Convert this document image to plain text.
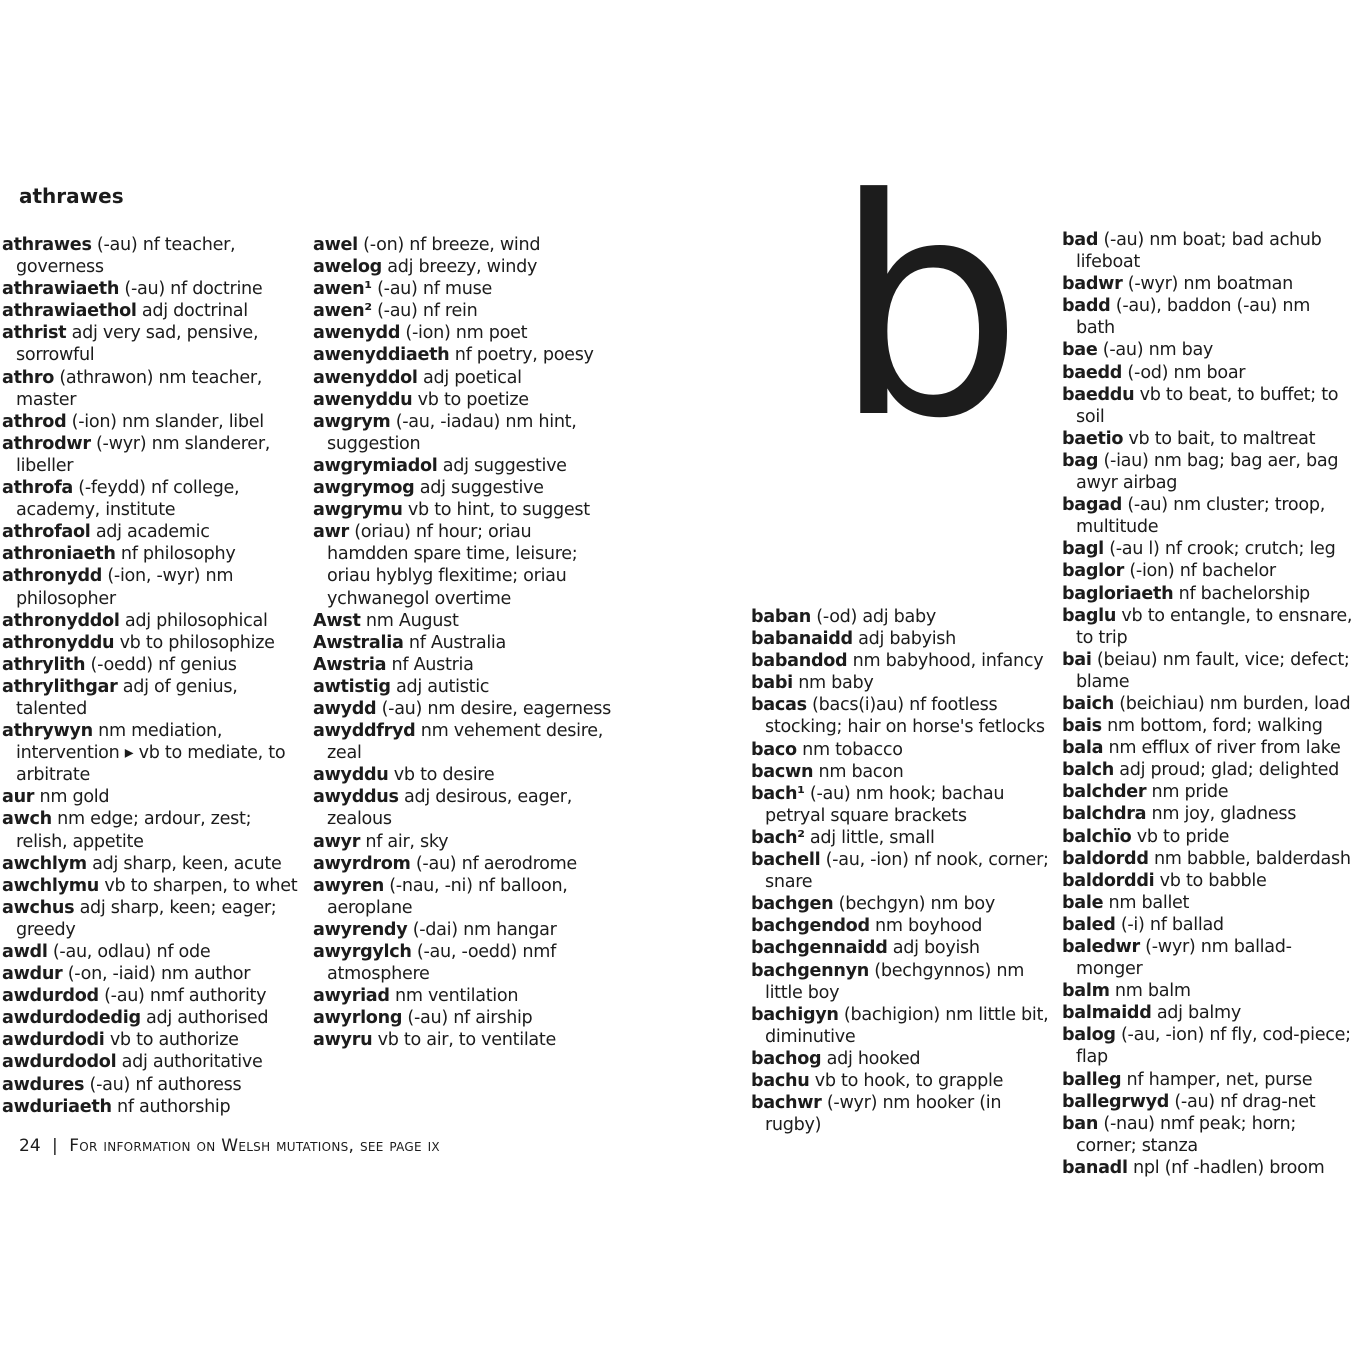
athrawes
athrawes (-au) nf teacher, governess
athrawiaeth (-au) nf doctrine
athrawiaethol adj doctrinal
athrist adj very sad, pensive, sorrowful
athro (athrawon) nm teacher, master
athrod (-ion) nm slander, libel
athrodwr (-wyr) nm slanderer, libeller
athrofa (-feydd) nf college, academy, institute
athrofaol adj academic
athroniaeth nf philosophy
athronydd (-ion, -wyr) nm philosopher
athronyddol adj philosophical
athronyddu vb to philosophize
athrylith (-oedd) nf genius
athrylithgar adj of genius, talented
athrywyn nm mediation, intervention ▸ vb to mediate, to arbitrate
aur nm gold
awch nm edge; ardour, zest; relish, appetite
awchlym adj sharp, keen, acute
awchlymu vb to sharpen, to whet
awchus adj sharp, keen; eager; greedy
awdl (-au, odlau) nf ode
awdur (-on, -iaid) nm author
awdurdod (-au) nmf authority
awdurdodedig adj authorised
awdurdodi vb to authorize
awdurdodol adj authoritative
awdures (-au) nf authoress
awduriaeth nf authorship
awel (-on) nf breeze, wind
awelog adj breezy, windy
awen¹ (-au) nf muse
awen² (-au) nf rein
awenydd (-ion) nm poet
awenyddiaeth nf poetry, poesy
awenyddol adj poetical
awenyddu vb to poetize
awgrym (-au, -iadau) nm hint, suggestion
awgrymiadol adj suggestive
awgrymog adj suggestive
awgrymu vb to hint, to suggest
awr (oriau) nf hour; oriau hamdden spare time, leisure; oriau hyblyg flexitime; oriau ychwanegol overtime
Awst nm August
Awstralia nf Australia
Awstria nf Austria
awtistig adj autistic
awydd (-au) nm desire, eagerness
awyddfryd nm vehement desire, zeal
awyddu vb to desire
awyddus adj desirous, eager, zealous
awyr nf air, sky
awyrdrom (-au) nf aerodrome
awyren (-nau, -ni) nf balloon, aeroplane
awyrendy (-dai) nm hangar
awyrgylch (-au, -oedd) nmf atmosphere
awyriad nm ventilation
awyrlong (-au) nf airship
awyru vb to air, to ventilate
baban (-od) adj baby
babanaidd adj babyish
babandod nm babyhood, infancy
babi nm baby
bacas (bacs(i)au) nf footless stocking; hair on horse's fetlocks
baco nm tobacco
bacwn nm bacon
bach¹ (-au) nm hook; bachau petryal square brackets
bach² adj little, small
bachell (-au, -ion) nf nook, corner; snare
bachgen (bechgyn) nm boy
bachgendod nm boyhood
bachgennaidd adj boyish
bachgennyn (bechgynnos) nm little boy
bachigyn (bachigion) nm little bit, diminutive
bachog adj hooked
bachu vb to hook, to grapple
bachwr (-wyr) nm hooker (in rugby)
bad (-au) nm boat; bad achub lifeboat
badwr (-wyr) nm boatman
badd (-au), baddon (-au) nm bath
bae (-au) nm bay
baedd (-od) nm boar
baeddu vb to beat, to buffet; to soil
baetio vb to bait, to maltreat
bag (-iau) nm bag; bag aer, bag awyr airbag
bagad (-au) nm cluster; troop, multitude
bagl (-au l) nf crook; crutch; leg
baglor (-ion) nf bachelor
bagloriaeth nf bachelorship
baglu vb to entangle, to ensnare, to trip
bai (beiau) nm fault, vice; defect; blame
baich (beichiau) nm burden, load
bais nm bottom, ford; walking
bala nm efflux of river from lake
balch adj proud; glad; delighted
balchder nm pride
balchdra nm joy, gladness
balchïo vb to pride
baldordd nm babble, balderdash
baldorddi vb to babble
bale nm ballet
baled (-i) nf ballad
baledwr (-wyr) nm ballad-monger
balm nm balm
balmaidd adj balmy
balog (-au, -ion) nf fly, cod-piece; flap
balleg nf hamper, net, purse
ballegrwyd (-au) nf drag-net
ban (-nau) nmf peak; horn; corner; stanza
banadl npl (nf -hadlen) broom
b
24 | For information on Welsh mutations, see page ix
